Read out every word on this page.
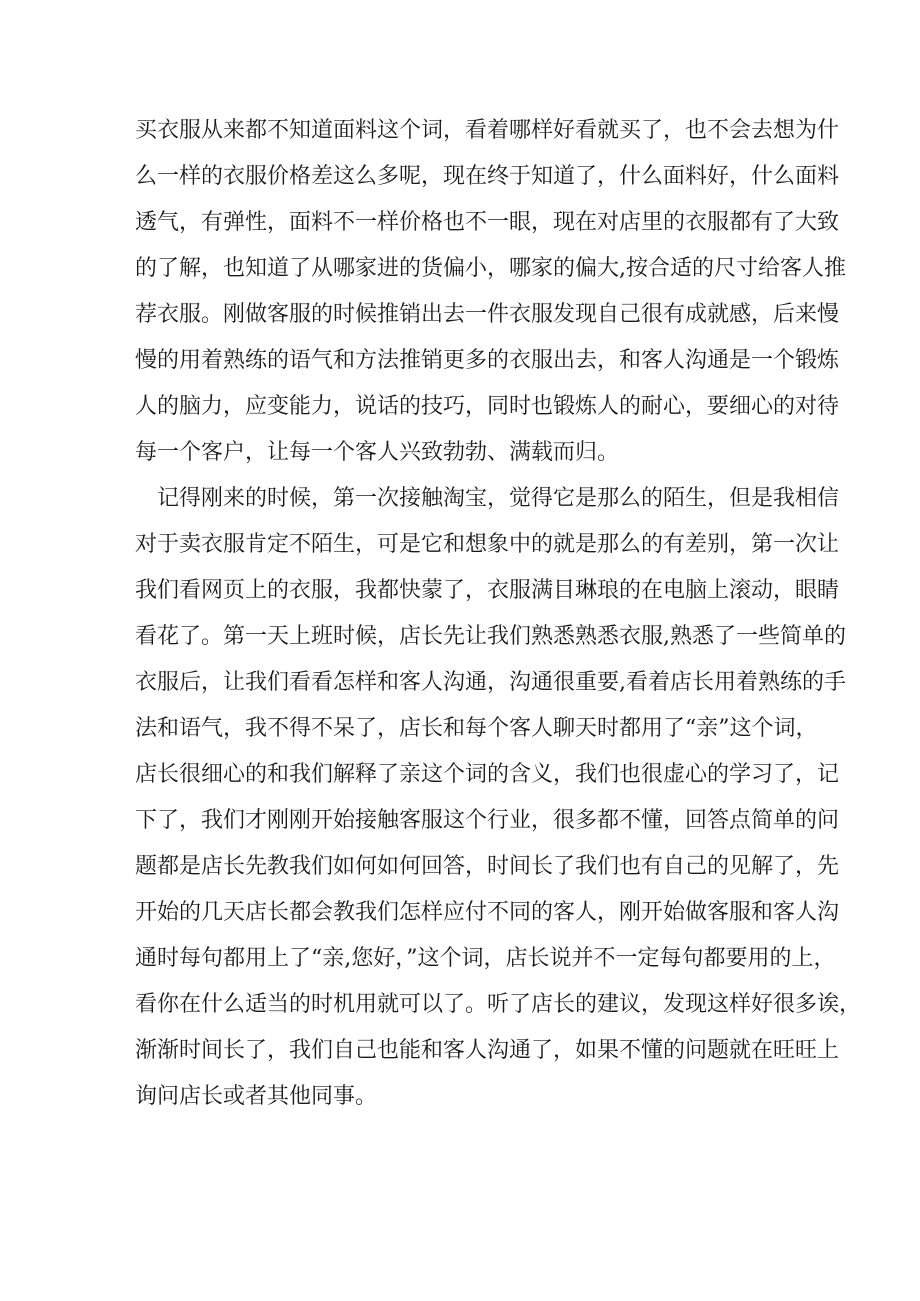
买衣服从来都不知道面料这个词，看着哪样好看就买了，也不会去想为什
么一样的衣服价格差这么多呢，现在终于知道了，什么面料好，什么面料
透气，有弹性，面料不一样价格也不一眼，现在对店里的衣服都有了大致
的了解，也知道了从哪家进的货偏小，哪家的偏大,按合适的尺寸给客人推
荐衣服。刚做客服的时候推销出去一件衣服发现自己很有成就感，后来慢
慢的用着熟练的语气和方法推销更多的衣服出去，和客人沟通是一个锻炼
人的脑力，应变能力，说话的技巧，同时也锻炼人的耐心，要细心的对待
每一个客户，让每一个客人兴致勃勃、满载而归。
记得刚来的时候，第一次接触淘宝，觉得它是那么的陌生，但是我相信
对于卖衣服肯定不陌生，可是它和想象中的就是那么的有差别，第一次让
我们看网页上的衣服，我都快蒙了，衣服满目琳琅的在电脑上滚动，眼睛
看花了。第一天上班时候，店长先让我们熟悉熟悉衣服,熟悉了一些简单的
衣服后，让我们看看怎样和客人沟通，沟通很重要,看着店长用着熟练的手
法和语气，我不得不呆了，店长和每个客人聊天时都用了“亲”这个词，
店长很细心的和我们解释了亲这个词的含义，我们也很虚心的学习了，记
下了，我们才刚刚开始接触客服这个行业，很多都不懂，回答点简单的问
题都是店长先教我们如何如何回答，时间长了我们也有自己的见解了，先
开始的几天店长都会教我们怎样应付不同的客人，刚开始做客服和客人沟
通时每句都用上了“亲,您好，”这个词，店长说并不一定每句都要用的上，
看你在什么适当的时机用就可以了。听了店长的建议，发现这样好很多诶，
渐渐时间长了，我们自己也能和客人沟通了，如果不懂的问题就在旺旺上
询问店长或者其他同事。
